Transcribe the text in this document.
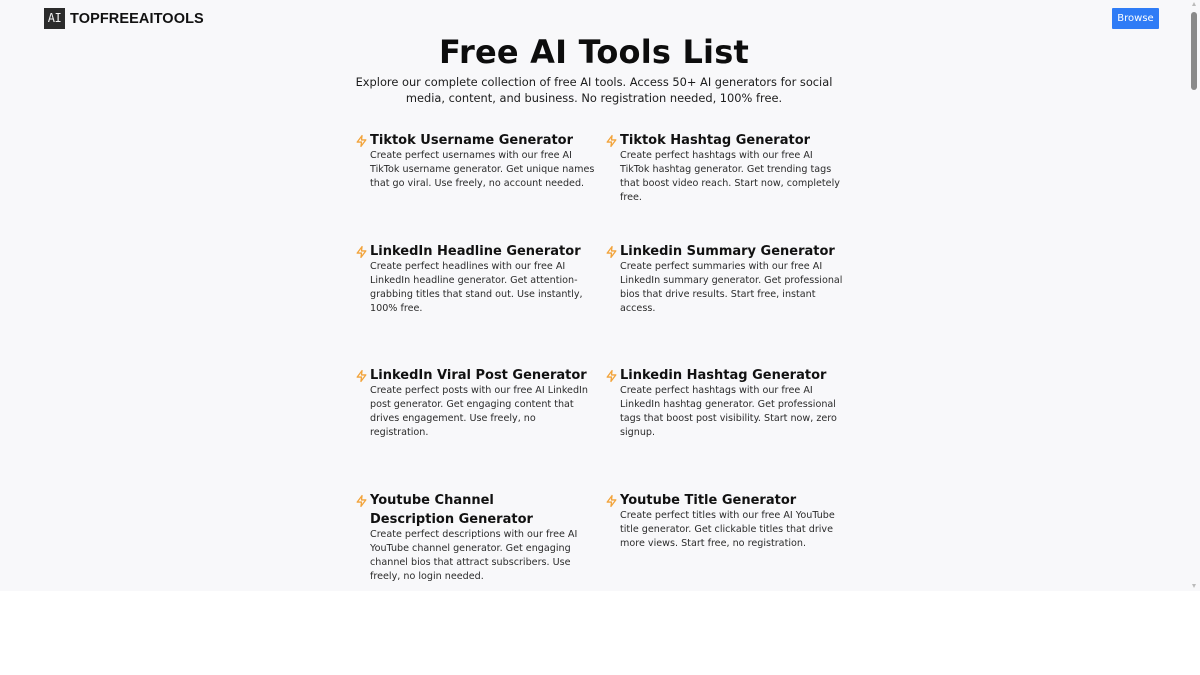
AI TOPFREEAITOOLS	Browse
Free AI Tools List

Explore our complete collection of free AI tools. Access 50+ AI generators for social media, content, and business. No registration needed, 100% free.

Tiktok Username Generator
Create perfect usernames with our free AI TikTok username generator. Get unique names that go viral. Use freely, no account needed.
Tiktok Hashtag Generator
Create perfect hashtags with our free AI TikTok hashtag generator. Get trending tags that boost video reach. Start now, completely free.
LinkedIn Headline Generator
Create perfect headlines with our free AI LinkedIn headline generator. Get attention-grabbing titles that stand out. Use instantly, 100% free.
Linkedin Summary Generator
Create perfect summaries with our free AI LinkedIn summary generator. Get professional bios that drive results. Start free, instant access.
LinkedIn Viral Post Generator
Create perfect posts with our free AI LinkedIn post generator. Get engaging content that drives engagement. Use freely, no registration.
Linkedin Hashtag Generator
Create perfect hashtags with our free AI LinkedIn hashtag generator. Get professional tags that boost post visibility. Start now, zero signup.
Youtube Channel Description Generator
Create perfect descriptions with our free AI YouTube channel generator. Get engaging channel bios that attract subscribers. Use freely, no login needed.
Youtube Title Generator
Create perfect titles with our free AI YouTube title generator. Get clickable titles that drive more views. Start free, no registration.
